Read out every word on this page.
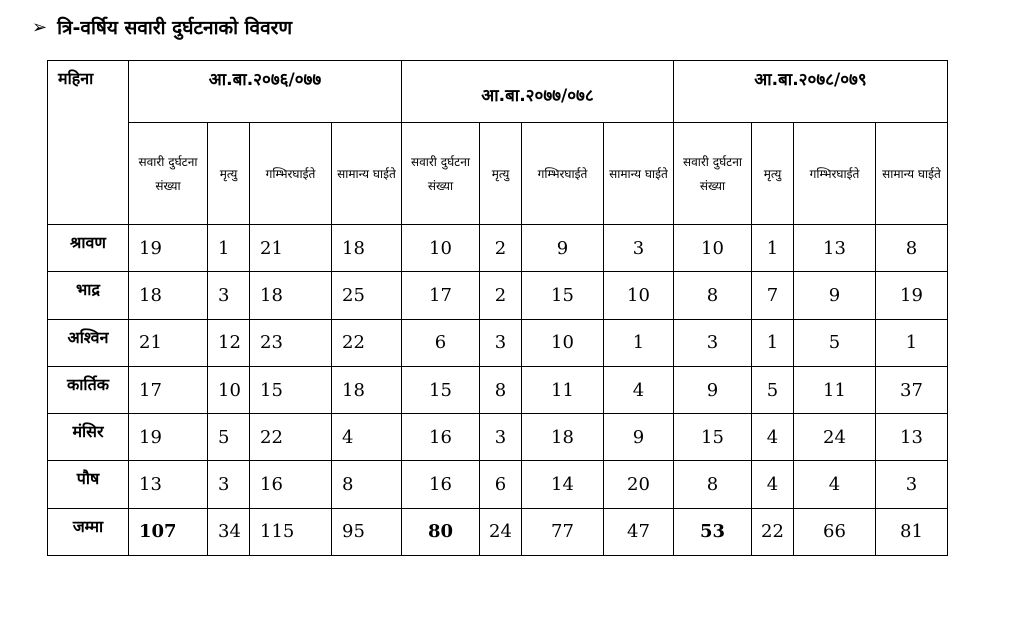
➢ त्रि-वर्षिय सवारी दुर्घटनाको विवरण
महिना	आ.बा.२०७६/०७७				आ.बा.२०७७/०७८				आ.बा.२०७८/०७९			
	सवारी दुर्घटना संख्या	मृत्यु	गम्भिरघाईते	सामान्य घाईते	सवारी दुर्घटना संख्या	मृत्यु	गम्भिरघाईते	सामान्य घाईते	सवारी दुर्घटना संख्या	मृत्यु	गम्भिरघाईते	सामान्य घाईते
श्रावण	19	1	21	18	10	2	9	3	10	1	13	8
भाद्र	18	3	18	25	17	2	15	10	8	7	9	19
अश्विन	21	12	23	22	6	3	10	1	3	1	5	1
कार्तिक	17	10	15	18	15	8	11	4	9	5	11	37
मंसिर	19	5	22	4	16	3	18	9	15	4	24	13
पौष	13	3	16	8	16	6	14	20	8	4	4	3
जम्मा	107	34	115	95	80	24	77	47	53	22	66	81
